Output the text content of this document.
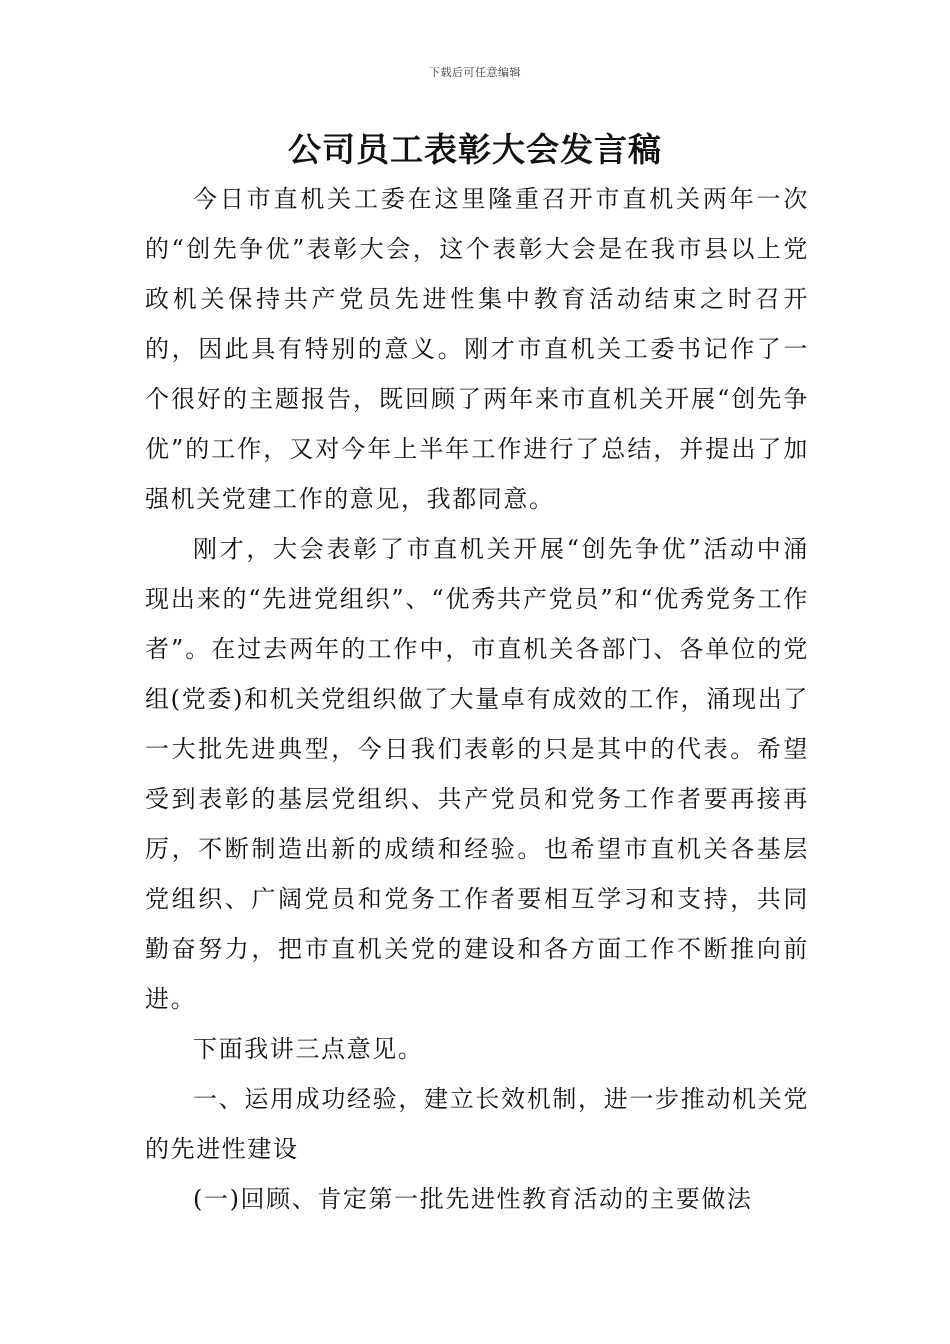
下载后可任意编辑
公司员工表彰大会发言稿

今日市直机关工委在这里隆重召开市直机关两年一次的“创先争优”表彰大会，这个表彰大会是在我市县以上党政机关保持共产党员先进性集中教育活动结束之时召开的，因此具有特别的意义。刚才市直机关工委书记作了一个很好的主题报告，既回顾了两年来市直机关开展“创先争优”的工作，又对今年上半年工作进行了总结，并提出了加强机关党建工作的意见，我都同意。

刚才，大会表彰了市直机关开展“创先争优”活动中涌现出来的“先进党组织”、“优秀共产党员”和“优秀党务工作者”。在过去两年的工作中，市直机关各部门、各单位的党组(党委)和机关党组织做了大量卓有成效的工作，涌现出了一大批先进典型，今日我们表彰的只是其中的代表。希望受到表彰的基层党组织、共产党员和党务工作者要再接再厉，不断制造出新的成绩和经验。也希望市直机关各基层党组织、广阔党员和党务工作者要相互学习和支持，共同勤奋努力，把市直机关党的建设和各方面工作不断推向前进。

下面我讲三点意见。

一、运用成功经验，建立长效机制，进一步推动机关党的先进性建设

(一)回顾、肯定第一批先进性教育活动的主要做法
